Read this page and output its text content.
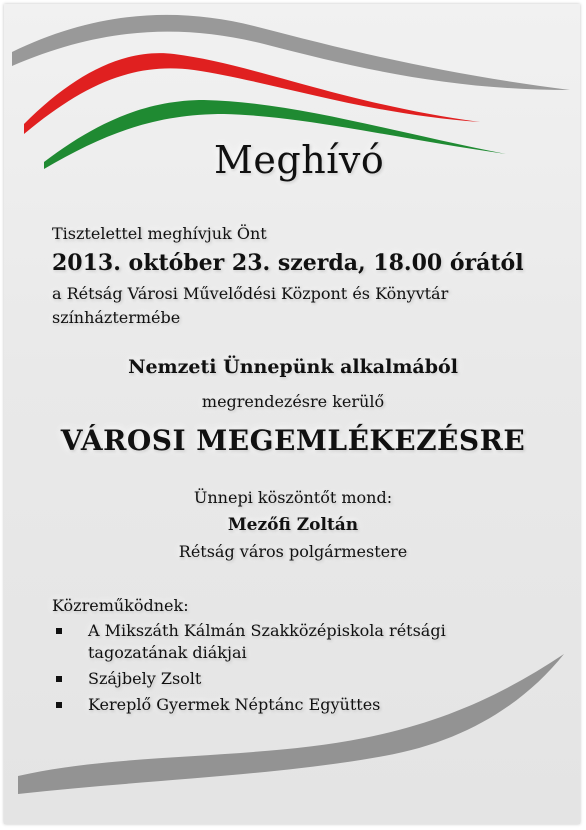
Meghívó
Tisztelettel meghívjuk Önt
2013. október 23. szerda, 18.00 órától
a Rétság Városi Művelődési Központ és Könyvtár
színháztermébe
Nemzeti Ünnepünk alkalmából
megrendezésre kerülő
VÁROSI MEGEMLÉKEZÉSRE
Ünnepi köszöntőt mond:
Mezőfi Zoltán
Rétság város polgármestere
Közreműködnek:
A Mikszáth Kálmán Szakközépiskola rétsági tagozatának diákjai
Szájbely Zsolt
Kereplő Gyermek Néptánc Együttes
